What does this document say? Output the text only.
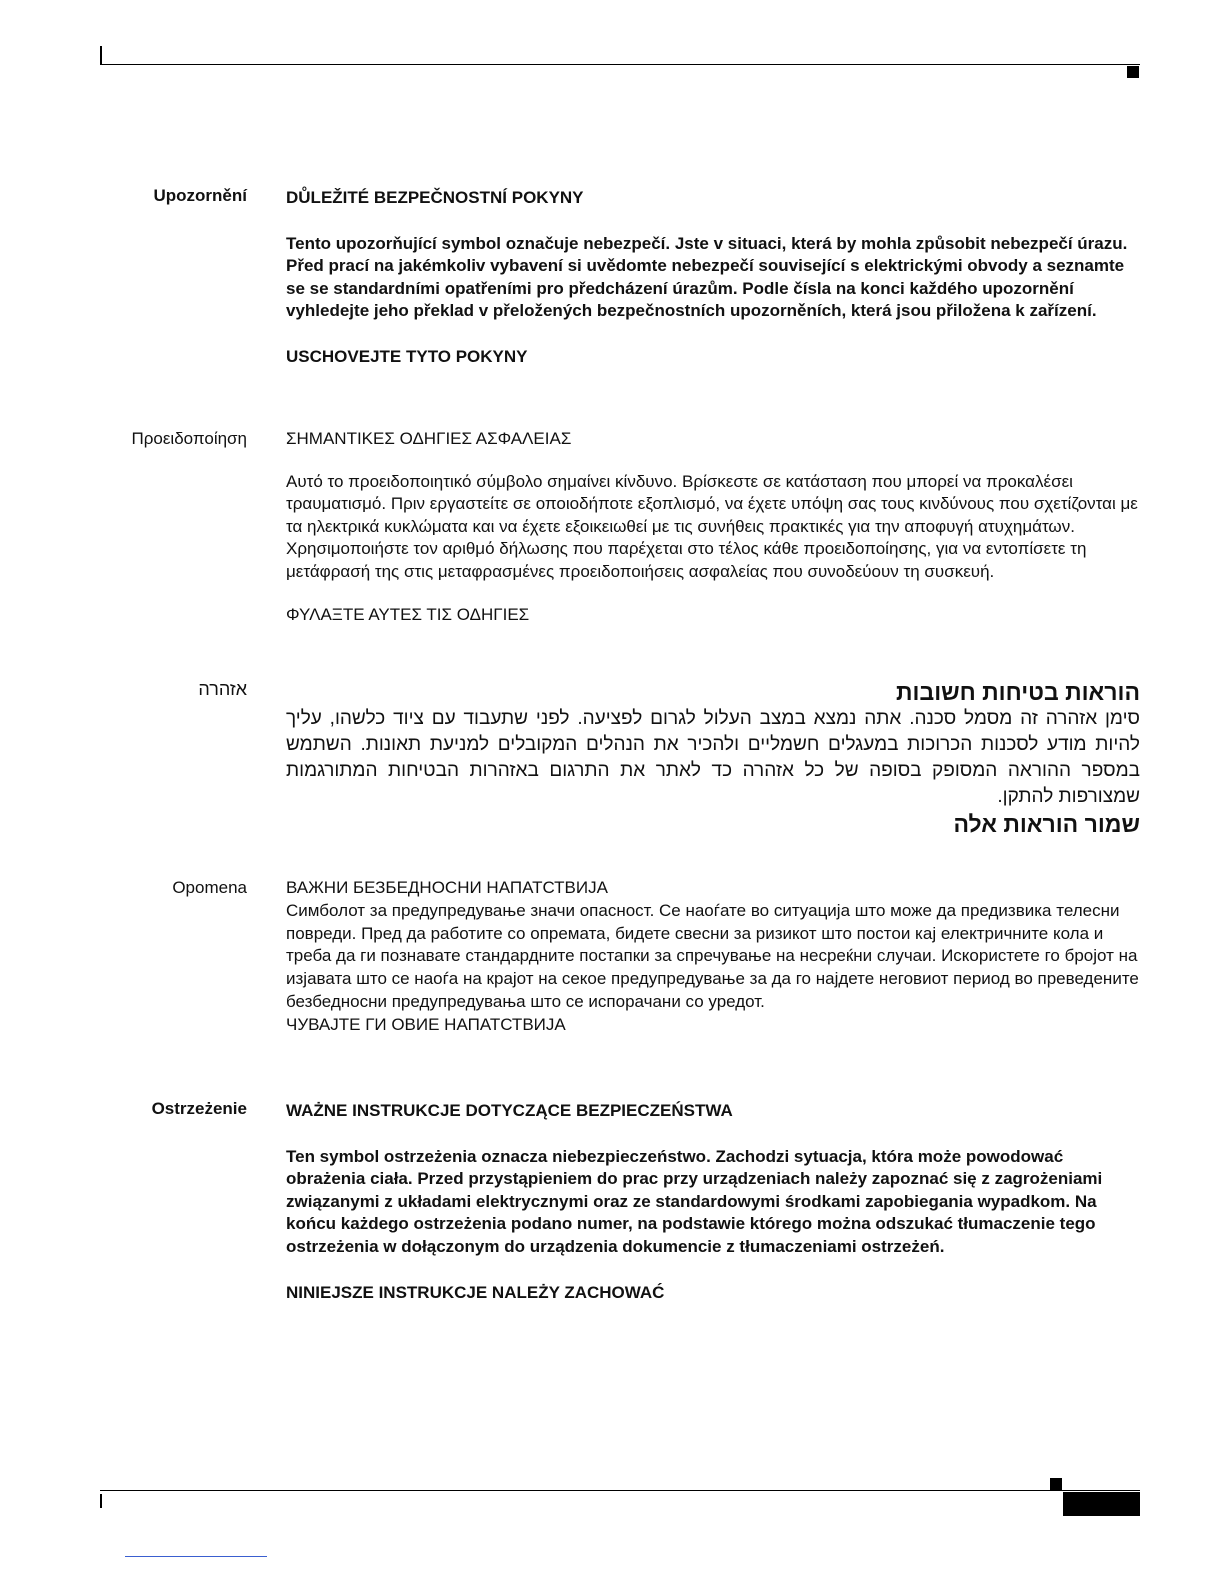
Upozornění DŮLEŽITÉ BEZPEČNOSTNÍ POKYNY

Tento upozorňující symbol označuje nebezpečí. Jste v situaci, která by mohla způsobit nebezpečí úrazu. Před prací na jakémkoliv vybavení si uvědomte nebezpečí související s elektrickými obvody a seznamte se se standardními opatřeními pro předcházení úrazům. Podle čísla na konci každého upozornění vyhledejte jeho překlad v přeložených bezpečnostních upozorněních, která jsou přiložena k zařízení.

USCHOVEJTE TYTO POKYNY

Προειδοποίηση ΣΗΜΑΝΤΙΚΕΣ ΟΔΗΓΙΕΣ ΑΣΦΑΛΕΙΑΣ

Αυτό το προειδοποιητικό σύμβολο σημαίνει κίνδυνο. Βρίσκεστε σε κατάσταση που μπορεί να προκαλέσει τραυματισμό. Πριν εργαστείτε σε οποιοδήποτε εξοπλισμό, να έχετε υπόψη σας τους κινδύνους που σχετίζονται με τα ηλεκτρικά κυκλώματα και να έχετε εξοικειωθεί με τις συνήθεις πρακτικές για την αποφυγή ατυχημάτων. Χρησιμοποιήστε τον αριθμό δήλωσης που παρέχεται στο τέλος κάθε προειδοποίησης, για να εντοπίσετε τη μετάφρασή της στις μεταφρασμένες προειδοποιήσεις ασφαλείας που συνοδεύουν τη συσκευή.

ΦΥΛΑΞΤΕ ΑΥΤΕΣ ΤΙΣ ΟΔΗΓΙΕΣ

אזהרה	הוראות בטיחות חשובות

סימן אזהרה זה מסמל סכנה. אתה נמצא במצב העלול לגרום לפציעה. לפני שתעבוד עם ציוד כלשהו, עליך להיות מודע לסכנות הכרוכות במעגלים חשמליים ולהכיר את הנהלים המקובלים למניעת תאונות. השתמש במספר ההוראה המסופק בסופה של כל אזהרה כד לאתר את התרגום באזהרות הבטיחות המתורגמות שמצורפות להתקן.

שמור הוראות אלה

Opomena ВАЖНИ БЕЗБЕДНОСНИ НАПАТСТВИЈА

Симболот за предупредување значи опасност. Се наоѓате во ситуација што може да предизвика телесни повреди. Пред да работите со опремата, бидете свесни за ризикот што постои кај електричните кола и треба да ги познавате стандардните постапки за спречување на несреќни случаи. Искористете го бројот на изјавата што се наоѓа на крајот на секое предупредување за да го најдете неговиот период во преведените безбедносни предупредувања што се испорачани со уредот.

ЧУВАЈТЕ ГИ ОВИЕ НАПАТСТВИЈА

Ostrzeżenie WAŻNE INSTRUKCJE DOTYCZĄCE BEZPIECZEŃSTWA

Ten symbol ostrzeżenia oznacza niebezpieczeństwo. Zachodzi sytuacja, która może powodować obrażenia ciała. Przed przystąpieniem do prac przy urządzeniach należy zapoznać się z zagrożeniami związanymi z układami elektrycznymi oraz ze standardowymi środkami zapobiegania wypadkom. Na końcu każdego ostrzeżenia podano numer, na podstawie którego można odszukać tłumaczenie tego ostrzeżenia w dołączonym do urządzenia dokumencie z tłumaczeniami ostrzeżeń.

NINIEJSZE INSTRUKCJE NALEŻY ZACHOWAĆ
